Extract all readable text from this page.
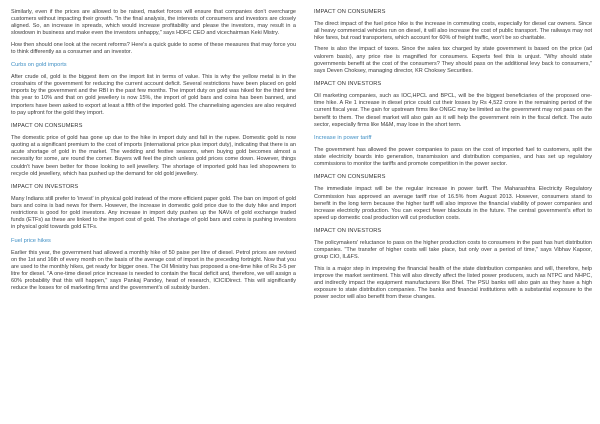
Similarly, even if the prices are allowed to be raised, market forces will ensure that companies don't overcharge customers without impacting their growth. "In the final analysis, the interests of consumers and investors are closely aligned. So, an increase in spreads, which would increase profitability and please the investors, may result in a slowdown in business and make even the investors unhappy," says HDFC CEO and vicechairman Keki Mistry.

How then should one look at the recent reforms? Here's a quick guide to some of these measures that may force you to think differently as a consumer and an investor.

Curbs on gold imports

After crude oil, gold is the biggest item on the import list in terms of value. This is why the yellow metal is in the crosshairs of the government for reducing the current account deficit. Several restrictions have been placed on gold imports by the government and the RBI in the past few months. The import duty on gold was hiked for the third time this year to 10% and that on gold jewellery is now 15%, the import of gold bars and coins has been banned, and importers have been asked to export at least a fifth of the imported gold. The channelising agencies are also required to pay upfront for the gold they import.

IMPACT ON CONSUMERS

The domestic price of gold has gone up due to the hike in import duty and fall in the rupee. Domestic gold is now quoting at a significant premium to the cost of imports (international price plus import duty), indicating that there is an acute shortage of gold in the market. The wedding and festive seasons, when buying gold becomes almost a necessity for some, are round the corner. Buyers will feel the pinch unless gold prices come down. However, things couldn't have been better for those looking to sell jewellery. The shortage of imported gold has led shopowners to recycle old jewellery, which has pushed up the demand for old gold jewellery.

IMPACT ON INVESTORS

Many Indians still prefer to 'invest' in physical gold instead of the more efficient paper gold. The ban on import of gold bars and coins is bad news for them. However, the increase in domestic gold price due to the duty hike and import restrictions is good for gold investors. Any increase in import duty pushes up the NAVs of gold exchange traded funds (ETFs) as these are linked to the import cost of gold. The shortage of gold bars and coins is pushing investors in physical gold towards gold ETFs.

Fuel price hikes

Earlier this year, the government had allowed a monthly hike of 50 paise per litre of diesel. Petrol prices are revised on the 1st and 16th of every month on the basis of the average cost of import in the preceding fortnight. Now that you are used to the monthly hikes, get ready for bigger ones. The Oil Ministry has proposed a one-time hike of Rs 3-5 per litre for diesel. "A one-time diesel price increase is needed to contain the fiscal deficit and, therefore, we will assign a 60% probability that this will happen," says Pankaj Pandey, head of research, ICICIDirect. This will significantly reduce the losses for oil marketing firms and the government's oil subsidy burden.

IMPACT ON CONSUMERS

The direct impact of the fuel price hike is the increase in commuting costs, especially for diesel car owners. Since all heavy commercial vehicles run on diesel, it will also increase the cost of public transport. The railways may not hike fares, but road transporters, which account for 60% of freight traffic, won't be so charitable.

There is also the impact of taxes. Since the sales tax charged by state government is based on the price (ad valorem basis), any price rise is magnified for consumers. Experts feel this is unjust. "Why should state governments benefit at the cost of the consumers? They should pass on the additional levy back to consumers," says Deven Choksey, managing director, KR Choksey Securities.

IMPACT ON INVESTORS

Oil marketing companies, such as IOC,HPCL and BPCL, will be the biggest beneficiaries of the proposed one-time hike. A Re 1 increase in diesel price could cut their losses by Rs 4,522 crore in the remaining period of the current fiscal year. The gain for upstream firms like ONGC may be limited as the government may not pass on the benefit to them. The diesel market will also gain as it will help the government rein in the fiscal deficit. The auto sector, especially firms like M&M, may lose in the short term.

Increase in power tariff

The government has allowed the power companies to pass on the cost of imported fuel to customers, split the state electricity boards into generation, transmission and distribution companies, and has set up regulatory commissions to monitor the tariffs and promote competition in the power sector.

IMPACT ON CONSUMERS

The immediate impact will be the regular increase in power tariff. The Maharashtra Electricity Regulatory Commission has approved an average tariff rise of 16.5% from August 2013. However, consumers stand to benefit in the long term because the higher tariff will also improve the financial viability of power companies and increase electricity production. You can expect fewer blackouts in the future. The central government's effort to speed up domestic coal production will cut production costs.

IMPACT ON INVESTORS

The policymakers' reluctance to pass on the higher production costs to consumers in the past has hurt distribution companies. "The transfer of higher costs will take place, but only over a period of time," says Vibhav Kapoor, group CIO, IL&FS.

This is a major step in improving the financial health of the state distribution companies and will, therefore, help improve the market sentiment. This will also directly affect the listed power producers, such as NTPC and NHPC, and indirectly impact the equipment manufacturers like Bhel. The PSU banks will also gain as they have a high exposure to state distribution companies. The banks and financial institutions with a substantial exposure to the power sector will also benefit from these changes.
